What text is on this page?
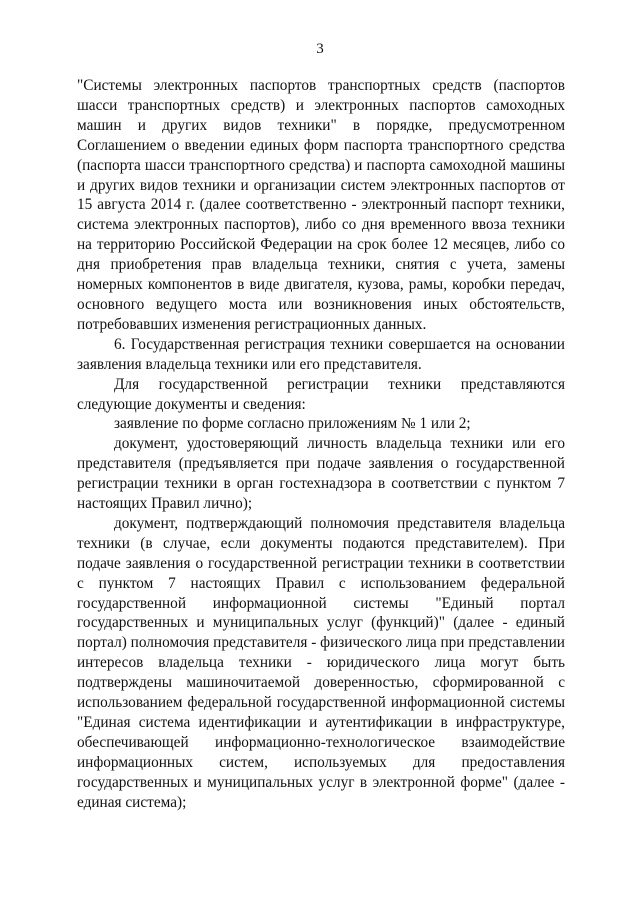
3

"Системы электронных паспортов транспортных средств (паспортов шасси транспортных средств) и электронных паспортов самоходных машин и других видов техники" в порядке, предусмотренном Соглашением о введении единых форм паспорта транспортного средства (паспорта шасси транспортного средства) и паспорта самоходной машины и других видов техники и организации систем электронных паспортов от 15 августа 2014 г. (далее соответственно - электронный паспорт техники, система электронных паспортов), либо со дня временного ввоза техники на территорию Российской Федерации на срок более 12 месяцев, либо со дня приобретения прав владельца техники, снятия с учета, замены номерных компонентов в виде двигателя, кузова, рамы, коробки передач, основного ведущего моста или возникновения иных обстоятельств, потребовавших изменения регистрационных данных.

6. Государственная регистрация техники совершается на основании заявления владельца техники или его представителя.

Для государственной регистрации техники представляются следующие документы и сведения:

заявление по форме согласно приложениям № 1 или 2;

документ, удостоверяющий личность владельца техники или его представителя (предъявляется при подаче заявления о государственной регистрации техники в орган гостехнадзора в соответствии с пунктом 7 настоящих Правил лично);

документ, подтверждающий полномочия представителя владельца техники (в случае, если документы подаются представителем). При подаче заявления о государственной регистрации техники в соответствии с пунктом 7 настоящих Правил с использованием федеральной государственной информационной системы "Единый портал государственных и муниципальных услуг (функций)" (далее - единый портал) полномочия представителя - физического лица при представлении интересов владельца техники - юридического лица могут быть подтверждены машиночитаемой доверенностью, сформированной с использованием федеральной государственной информационной системы "Единая система идентификации и аутентификации в инфраструктуре, обеспечивающей информационно-технологическое взаимодействие информационных систем, используемых для предоставления государственных и муниципальных услуг в электронной форме" (далее - единая система);
